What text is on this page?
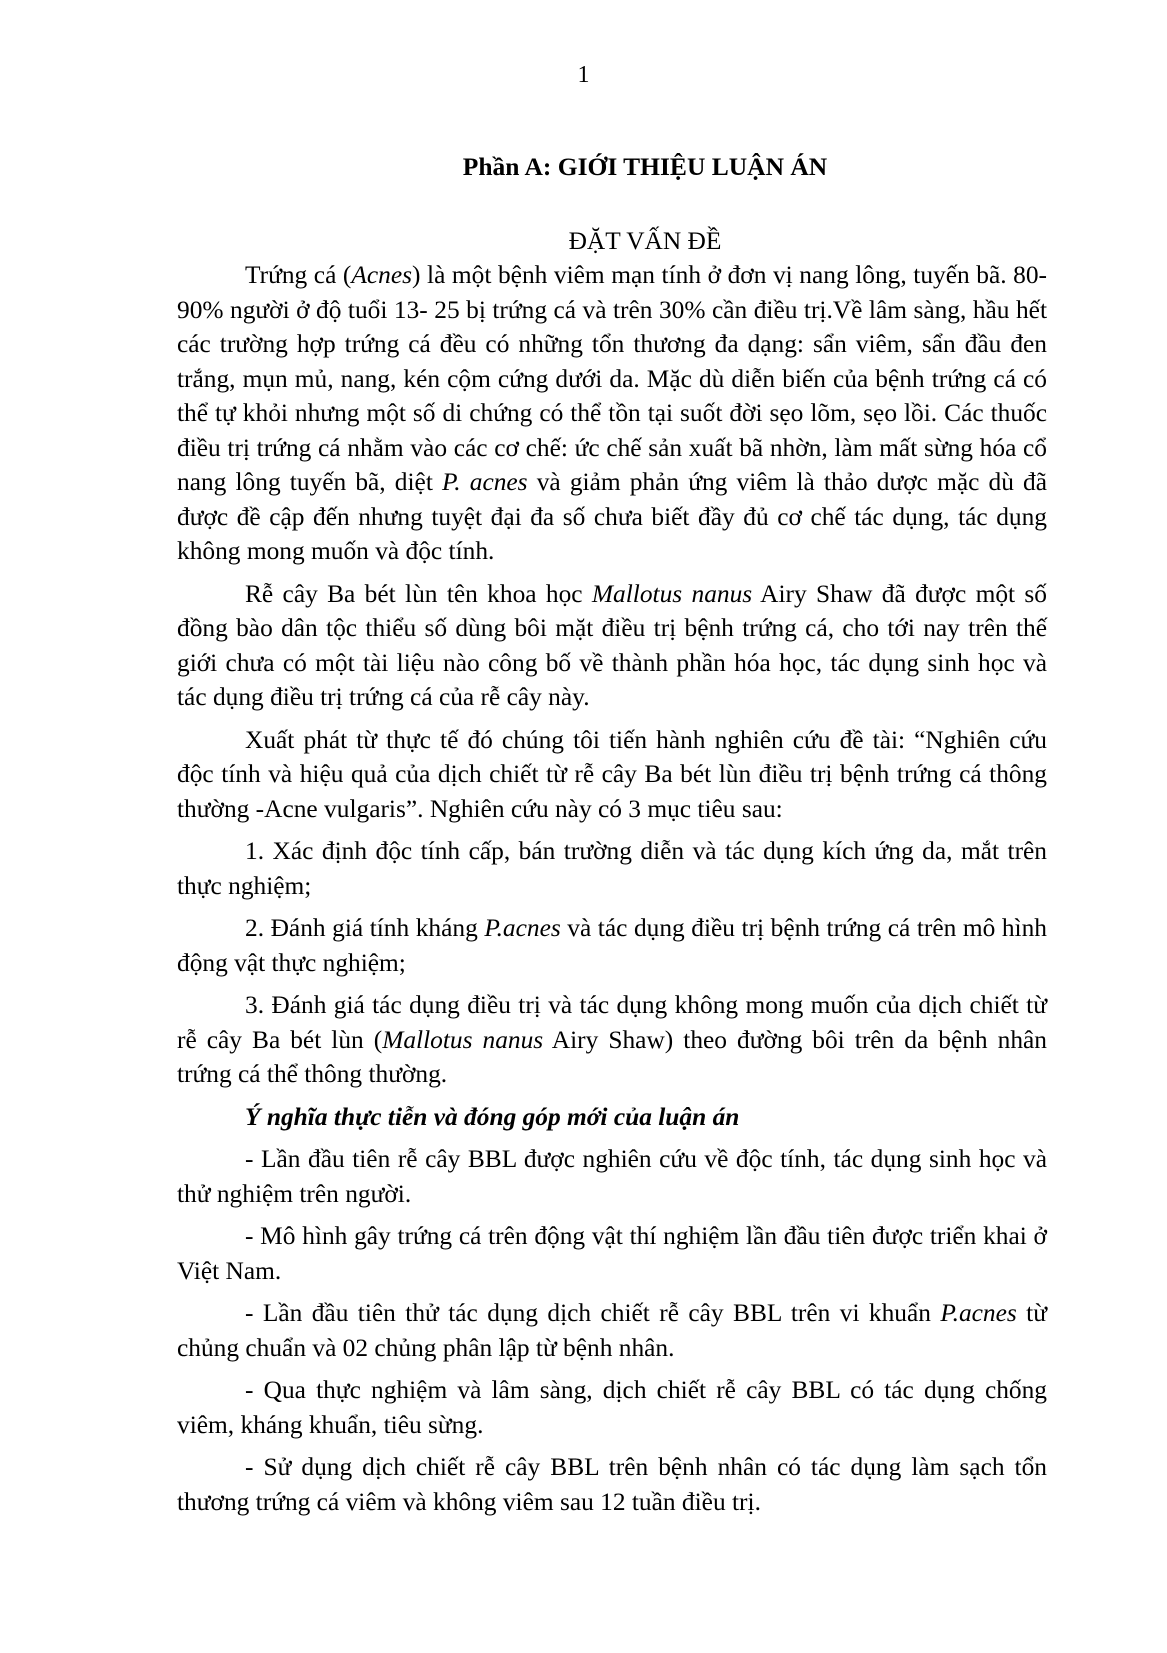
1
Phần A: GIỚI THIỆU LUẬN ÁN
ĐẶT VẤN ĐỀ

Trứng cá (Acnes) là một bệnh viêm mạn tính ở đơn vị nang lông, tuyến bã. 80-90% người ở độ tuổi 13- 25 bị trứng cá và trên 30% cần điều trị.Về lâm sàng, hầu hết các trường hợp trứng cá đều có những tổn thương đa dạng: sẩn viêm, sẩn đầu đen trắng, mụn mủ, nang, kén cộm cứng dưới da. Mặc dù diễn biến của bệnh trứng cá có thể tự khỏi nhưng một số di chứng có thể tồn tại suốt đời sẹo lõm, sẹo lồi. Các thuốc điều trị trứng cá nhằm vào các cơ chế: ức chế sản xuất bã nhờn, làm mất sừng hóa cổ nang lông tuyến bã, diệt P. acnes và giảm phản ứng viêm là thảo dược mặc dù đã được đề cập đến nhưng tuyệt đại đa số chưa biết đầy đủ cơ chế tác dụng, tác dụng không mong muốn và độc tính.

Rễ cây Ba bét lùn tên khoa học Mallotus nanus Airy Shaw đã được một số đồng bào dân tộc thiểu số dùng bôi mặt điều trị bệnh trứng cá, cho tới nay trên thế giới chưa có một tài liệu nào công bố về thành phần hóa học, tác dụng sinh học và tác dụng điều trị trứng cá của rễ cây này.

Xuất phát từ thực tế đó chúng tôi tiến hành nghiên cứu đề tài: “Nghiên cứu độc tính và hiệu quả của dịch chiết từ rễ cây Ba bét lùn điều trị bệnh trứng cá thông thường -Acne vulgaris”. Nghiên cứu này có 3 mục tiêu sau:

1. Xác định độc tính cấp, bán trường diễn và tác dụng kích ứng da, mắt trên thực nghiệm;

2. Đánh giá tính kháng P.acnes và tác dụng điều trị bệnh trứng cá trên mô hình động vật thực nghiệm;

3. Đánh giá tác dụng điều trị và tác dụng không mong muốn của dịch chiết từ rễ cây Ba bét lùn (Mallotus nanus Airy Shaw) theo đường bôi trên da bệnh nhân trứng cá thể thông thường.

Ý nghĩa thực tiễn và đóng góp mới của luận án

- Lần đầu tiên rễ cây BBL được nghiên cứu về độc tính, tác dụng sinh học và thử nghiệm trên người.

- Mô hình gây trứng cá trên động vật thí nghiệm lần đầu tiên được triển khai ở Việt Nam.

- Lần đầu tiên thử tác dụng dịch chiết rễ cây BBL trên vi khuẩn P.acnes từ chủng chuẩn và 02 chủng phân lập từ bệnh nhân.

- Qua thực nghiệm và lâm sàng, dịch chiết rễ cây BBL có tác dụng chống viêm, kháng khuẩn, tiêu sừng.

- Sử dụng dịch chiết rễ cây BBL trên bệnh nhân có tác dụng làm sạch tổn thương trứng cá viêm và không viêm sau 12 tuần điều trị.
